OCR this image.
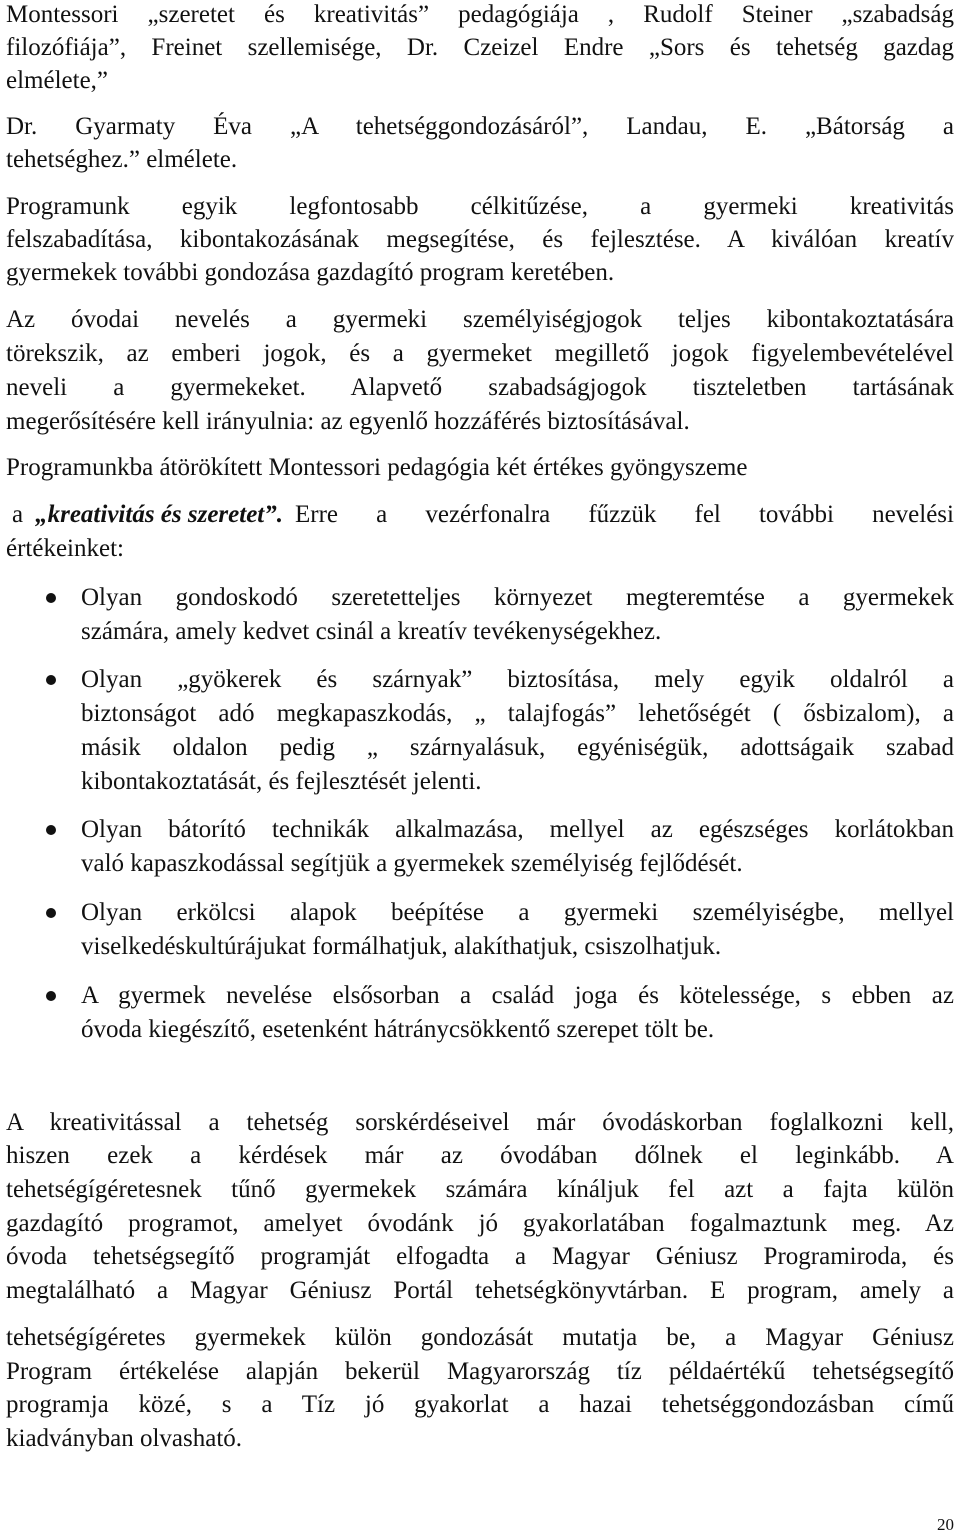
Montessori „szeretet és kreativitás” pedagógiája , Rudolf Steiner „szabadság
filozófiája”, Freinet szellemisége, Dr. Czeizel Endre „Sors és tehetség gazdag
elmélete,”
Dr. Gyarmaty Éva „A tehetséggondozásáról”, Landau, E. „Bátorság a
tehetséghez.” elmélete.
Programunk egyik legfontosabb célkitűzése, a gyermeki kreativitás
felszabadítása, kibontakozásának megsegítése, és fejlesztése. A kiválóan kreatív
gyermekek további gondozása gazdagító program keretében.
Az óvodai nevelés a gyermeki személyiségjogok teljes kibontakoztatására
törekszik, az emberi jogok, és a gyermeket megillető jogok figyelembevételével
neveli a gyermekeket. Alapvető szabadságjogok tiszteletben tartásának
megerősítésére kell irányulnia: az egyenlő hozzáférés biztosításával.
Programunkba átörökített Montessori pedagógia két értékes gyöngyszeme
a „kreativitás és szeretet”. Erre a vezérfonalra fűzzük fel további nevelési
értékeinket:
Olyan gondoskodó szeretetteljes környezet megteremtése a gyermekek
számára, amely kedvet csinál a kreatív tevékenységekhez.
Olyan „gyökerek és szárnyak” biztosítása, mely egyik oldalról a
biztonságot adó megkapaszkodás, „ talajfogás” lehetőségét ( ősbizalom), a
másik oldalon pedig „ szárnyalásuk, egyéniségük, adottságaik szabad
kibontakoztatását, és fejlesztését jelenti.
Olyan bátorító technikák alkalmazása, mellyel az egészséges korlátokban
való kapaszkodással segítjük a gyermekek személyiség fejlődését.
Olyan erkölcsi alapok beépítése a gyermeki személyiségbe, mellyel
viselkedéskultúrájukat formálhatjuk, alakíthatjuk, csiszolhatjuk.
A gyermek nevelése elsősorban a család joga és kötelessége, s ebben az
óvoda kiegészítő, esetenként hátránycsökkentő szerepet tölt be.
A kreativitással a tehetség sorskérdéseivel már óvodáskorban foglalkozni kell,
hiszen ezek a kérdések már az óvodában dőlnek el leginkább. A
tehetségígéretesnek tűnő gyermekek számára kínáljuk fel azt a fajta külön
gazdagító programot, amelyet óvodánk jó gyakorlatában fogalmaztunk meg. Az
óvoda tehetségsegítő programját elfogadta a Magyar Géniusz Programiroda, és
megtalálható a Magyar Géniusz Portál tehetségkönyvtárban. E program, amely a
tehetségígéretes gyermekek külön gondozását mutatja be, a Magyar Géniusz
Program értékelése alapján bekerül Magyarország tíz példaértékű tehetségsegítő
programja közé, s a Tíz jó gyakorlat a hazai tehetséggondozásban című
kiadványban olvasható.
20
